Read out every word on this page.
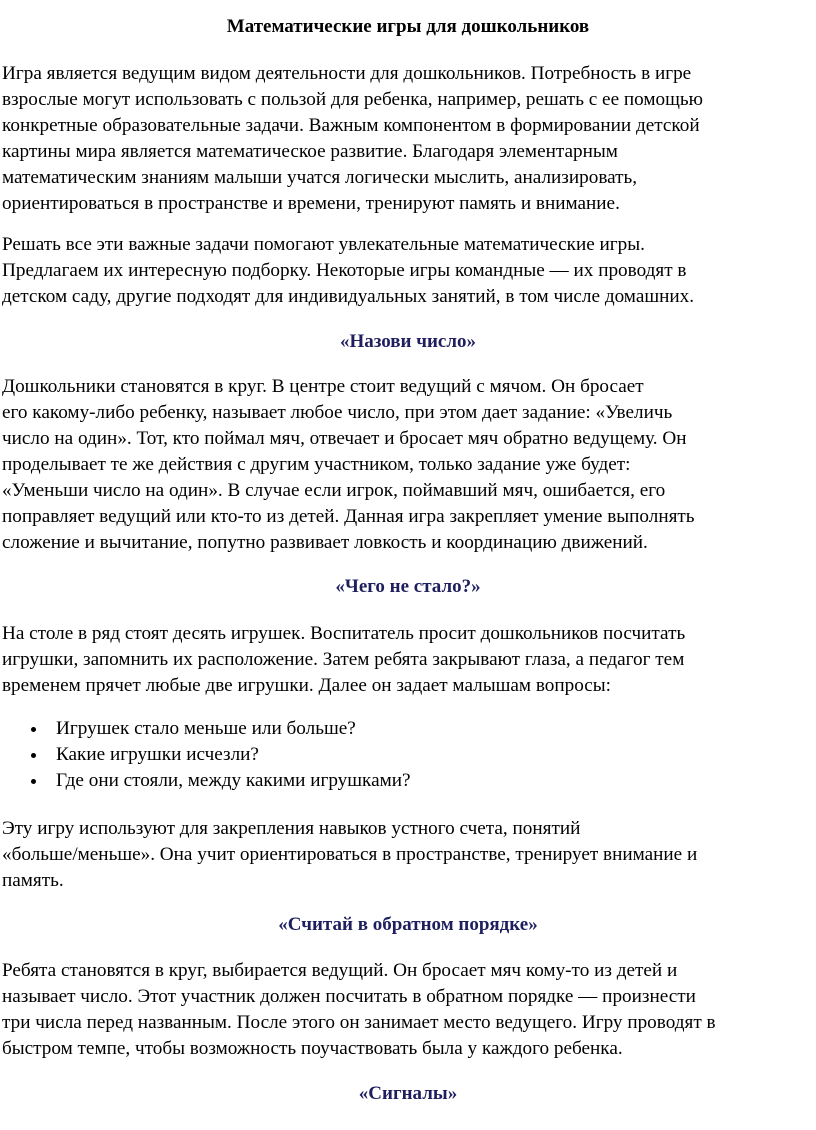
Математические игры для дошкольников
Игра является ведущим видом деятельности для дошкольников. Потребность в игре
взрослые могут использовать с пользой для ребенка, например, решать с ее помощью
конкретные образовательные задачи. Важным компонентом в формировании детской
картины мира является математическое развитие. Благодаря элементарным
математическим знаниям малыши учатся логически мыслить, анализировать,
ориентироваться в пространстве и времени, тренируют память и внимание.
Решать все эти важные задачи помогают увлекательные математические игры.
Предлагаем их интересную подборку. Некоторые игры командные — их проводят в
детском саду, другие подходят для индивидуальных занятий, в том числе домашних.
«Назови число»
Дошкольники становятся в круг. В центре стоит ведущий с мячом. Он бросает
его какому-либо ребенку, называет любое число, при этом дает задание: «Увеличь
число на один». Тот, кто поймал мяч, отвечает и бросает мяч обратно ведущему. Он
проделывает те же действия с другим участником, только задание уже будет:
«Уменьши число на один». В случае если игрок, поймавший мяч, ошибается, его
поправляет ведущий или кто-то из детей. Данная игра закрепляет умение выполнять
сложение и вычитание, попутно развивает ловкость и координацию движений.
«Чего не стало?»
На столе в ряд стоят десять игрушек. Воспитатель просит дошкольников посчитать
игрушки, запомнить их расположение. Затем ребята закрывают глаза, а педагог тем
временем прячет любые две игрушки. Далее он задает малышам вопросы:
Игрушек стало меньше или больше?
Какие игрушки исчезли?
Где они стояли, между какими игрушками?
Эту игру используют для закрепления навыков устного счета, понятий
«больше/меньше». Она учит ориентироваться в пространстве, тренирует внимание и
память.
«Считай в обратном порядке»
Ребята становятся в круг, выбирается ведущий. Он бросает мяч кому-то из детей и
называет число. Этот участник должен посчитать в обратном порядке — произнести
три числа перед названным. После этого он занимает место ведущего. Игру проводят в
быстром темпе, чтобы возможность поучаствовать была у каждого ребенка.
«Сигналы»
